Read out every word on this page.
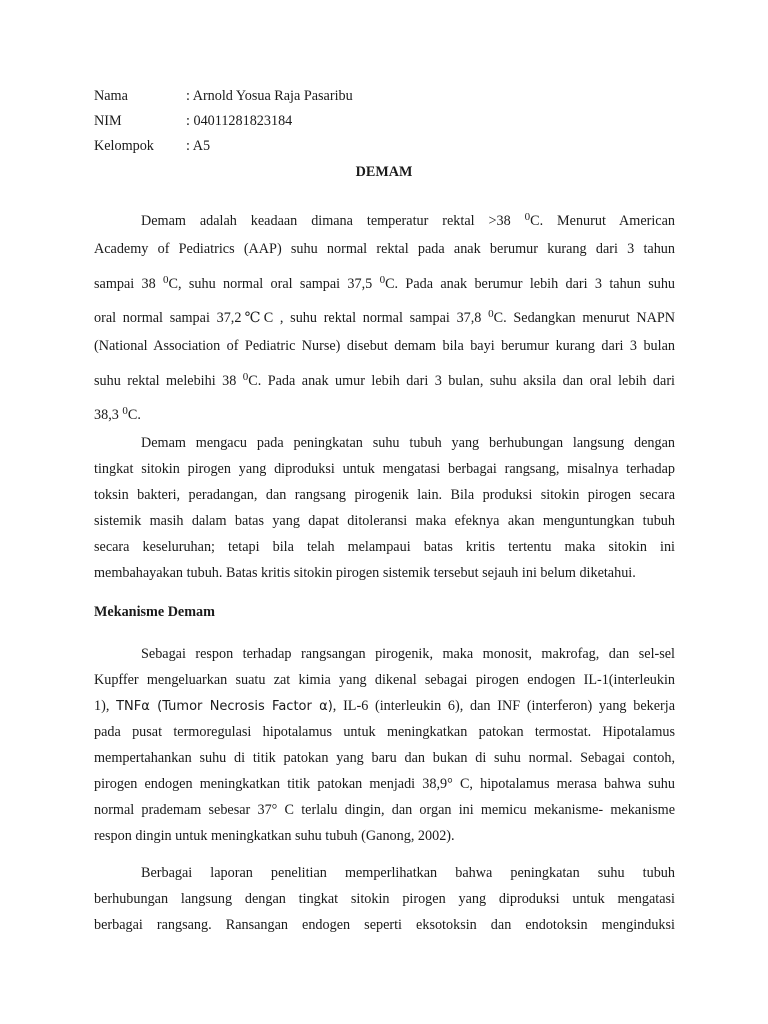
Nama	: Arnold Yosua Raja Pasaribu
NIM	: 04011281823184
Kelompok : A5
DEMAM
Demam adalah keadaan dimana temperatur rektal >38 $^0$C. Menurut American
Academy of Pediatrics (AAP) suhu normal rektal pada anak berumur kurang dari 3 tahun
sampai 38 $^0$C, suhu normal oral sampai 37,5 $^0$C. Pada anak berumur lebih dari 3 tahun suhu
oral normal sampai 37,2℃C , suhu rektal normal sampai 37,8 $^0$C. Sedangkan menurut NAPN
(National Association of Pediatric Nurse) disebut demam bila bayi berumur kurang dari 3 bulan
suhu rektal melebihi 38 $^0$C. Pada anak umur lebih dari 3 bulan, suhu aksila dan oral lebih dari
38,3 $^0$C.
Demam mengacu pada peningkatan suhu tubuh yang berhubungan langsung dengan
tingkat sitokin pirogen yang diproduksi untuk mengatasi berbagai rangsang, misalnya terhadap
toksin bakteri, peradangan, dan rangsang pirogenik lain. Bila produksi sitokin pirogen secara
sistemik masih dalam batas yang dapat ditoleransi maka efeknya akan menguntungkan tubuh
secara keseluruhan; tetapi bila telah melampaui batas kritis tertentu maka sitokin ini
membahayakan tubuh. Batas kritis sitokin pirogen sistemik tersebut sejauh ini belum diketahui.
Mekanisme Demam
Sebagai respon terhadap rangsangan pirogenik, maka monosit, makrofag, dan sel-sel
Kupffer mengeluarkan suatu zat kimia yang dikenal sebagai pirogen endogen IL-1(interleukin
1), TNFα (Tumor Necrosis Factor α), IL-6 (interleukin 6), dan INF (interferon) yang bekerja
pada pusat termoregulasi hipotalamus untuk meningkatkan patokan termostat. Hipotalamus
mempertahankan suhu di titik patokan yang baru dan bukan di suhu normal. Sebagai contoh,
pirogen endogen meningkatkan titik patokan menjadi 38,9° C, hipotalamus merasa bahwa suhu
normal prademam sebesar 37° C terlalu dingin, dan organ ini memicu mekanisme- mekanisme
respon dingin untuk meningkatkan suhu tubuh (Ganong, 2002).
Berbagai laporan penelitian memperlihatkan bahwa peningkatan suhu tubuh
berhubungan langsung dengan tingkat sitokin pirogen yang diproduksi untuk mengatasi
berbagai rangsang. Ransangan endogen seperti eksotoksin dan endotoksin menginduksi
